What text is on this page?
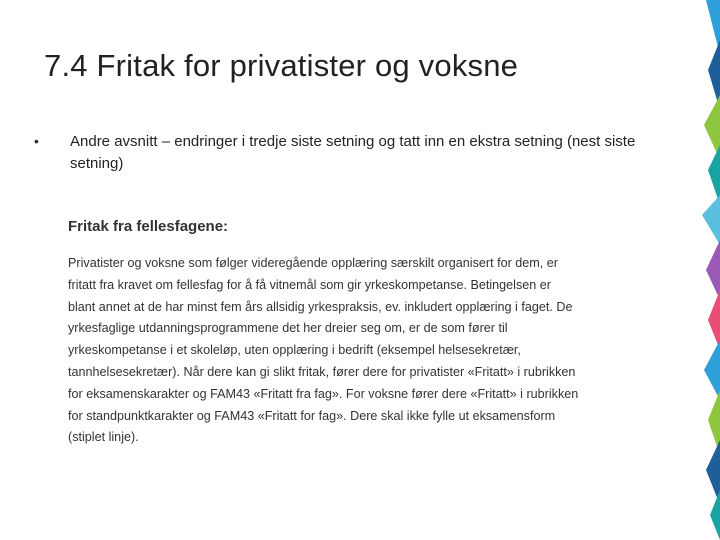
7.4 Fritak for privatister og voksne
• Andre avsnitt – endringer i tredje siste setning og tatt inn en ekstra setning (nest siste setning)
Fritak fra fellesfagene:

Privatister og voksne som følger videregående opplæring særskilt organisert for dem, er

fritatt fra kravet om fellesfag for å få vitnemål som gir yrkeskompetanse. Betingelsen er

blant annet at de har minst fem års allsidig yrkespraksis, ev. inkludert opplæring i faget. De

yrkesfaglige utdanningsprogrammene det her dreier seg om, er de som fører til

yrkeskompetanse i et skoleløp, uten opplæring i bedrift (eksempel helsesekretær,

tannhelsesekretær). Når dere kan gi slikt fritak, fører dere for privatister «Fritatt» i rubrikken

for eksamenskarakter og FAM43 «Fritatt fra fag». For voksne fører dere «Fritatt» i rubrikken

for standpunktkarakter og FAM43 «Fritatt for fag». Dere skal ikke fylle ut eksamensform

(stiplet linje).
